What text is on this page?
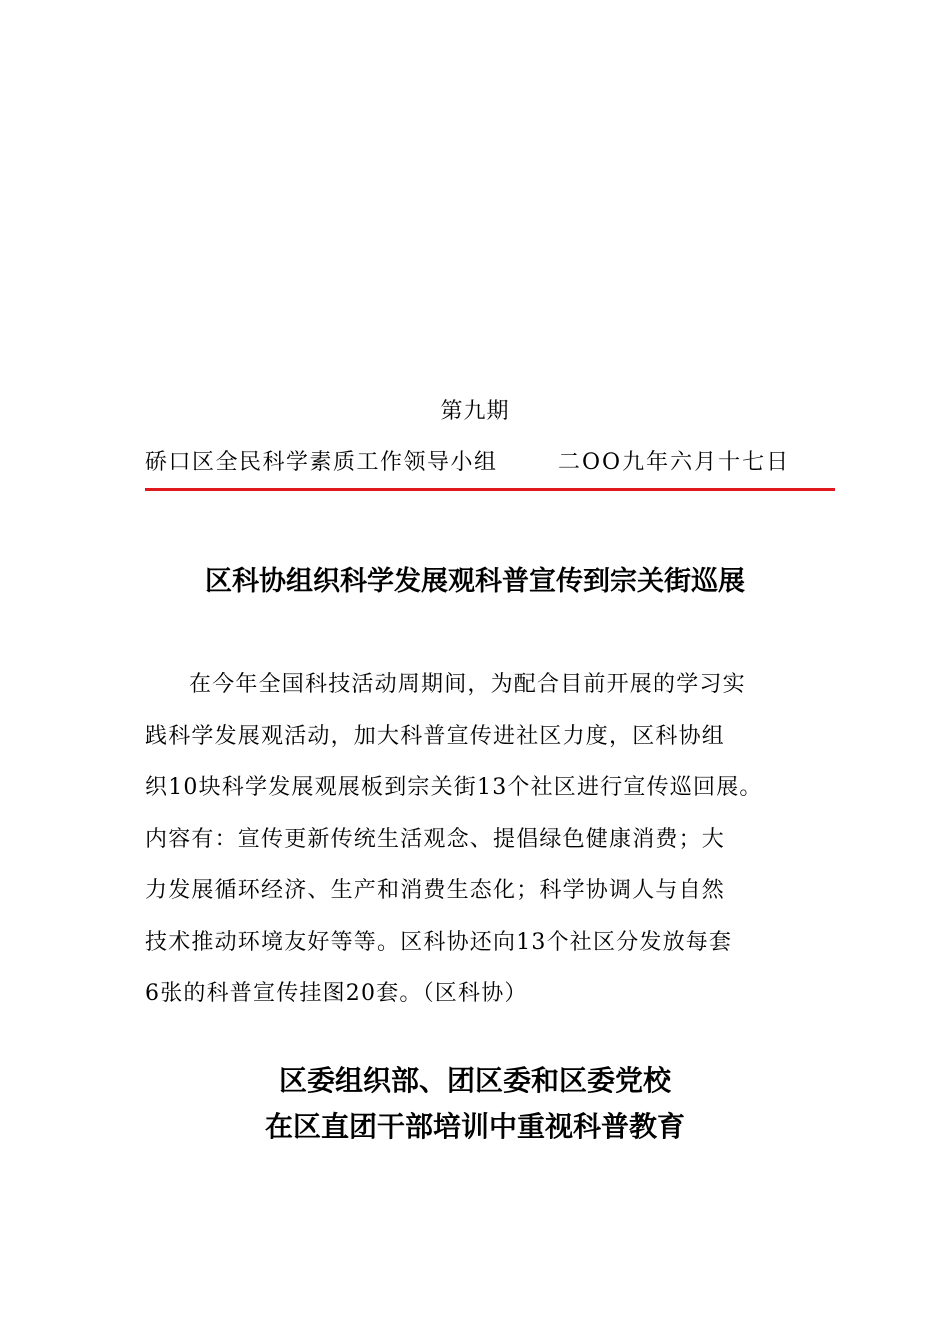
第九期
硚口区全民科学素质工作领导小组	二OO九年六月十七日
区科协组织科学发展观科普宣传到宗关街巡展
在今年全国科技活动周期间，为配合目前开展的学习实
践科学发展观活动，加大科普宣传进社区力度，区科协组
织10块科学发展观展板到宗关街13个社区进行宣传巡回展。
内容有：宣传更新传统生活观念、提倡绿色健康消费；大
力发展循环经济、生产和消费生态化；科学协调人与自然
技术推动环境友好等等。区科协还向13个社区分发放每套
6张的科普宣传挂图20套。（区科协）
区委组织部、团区委和区委党校
在区直团干部培训中重视科普教育
